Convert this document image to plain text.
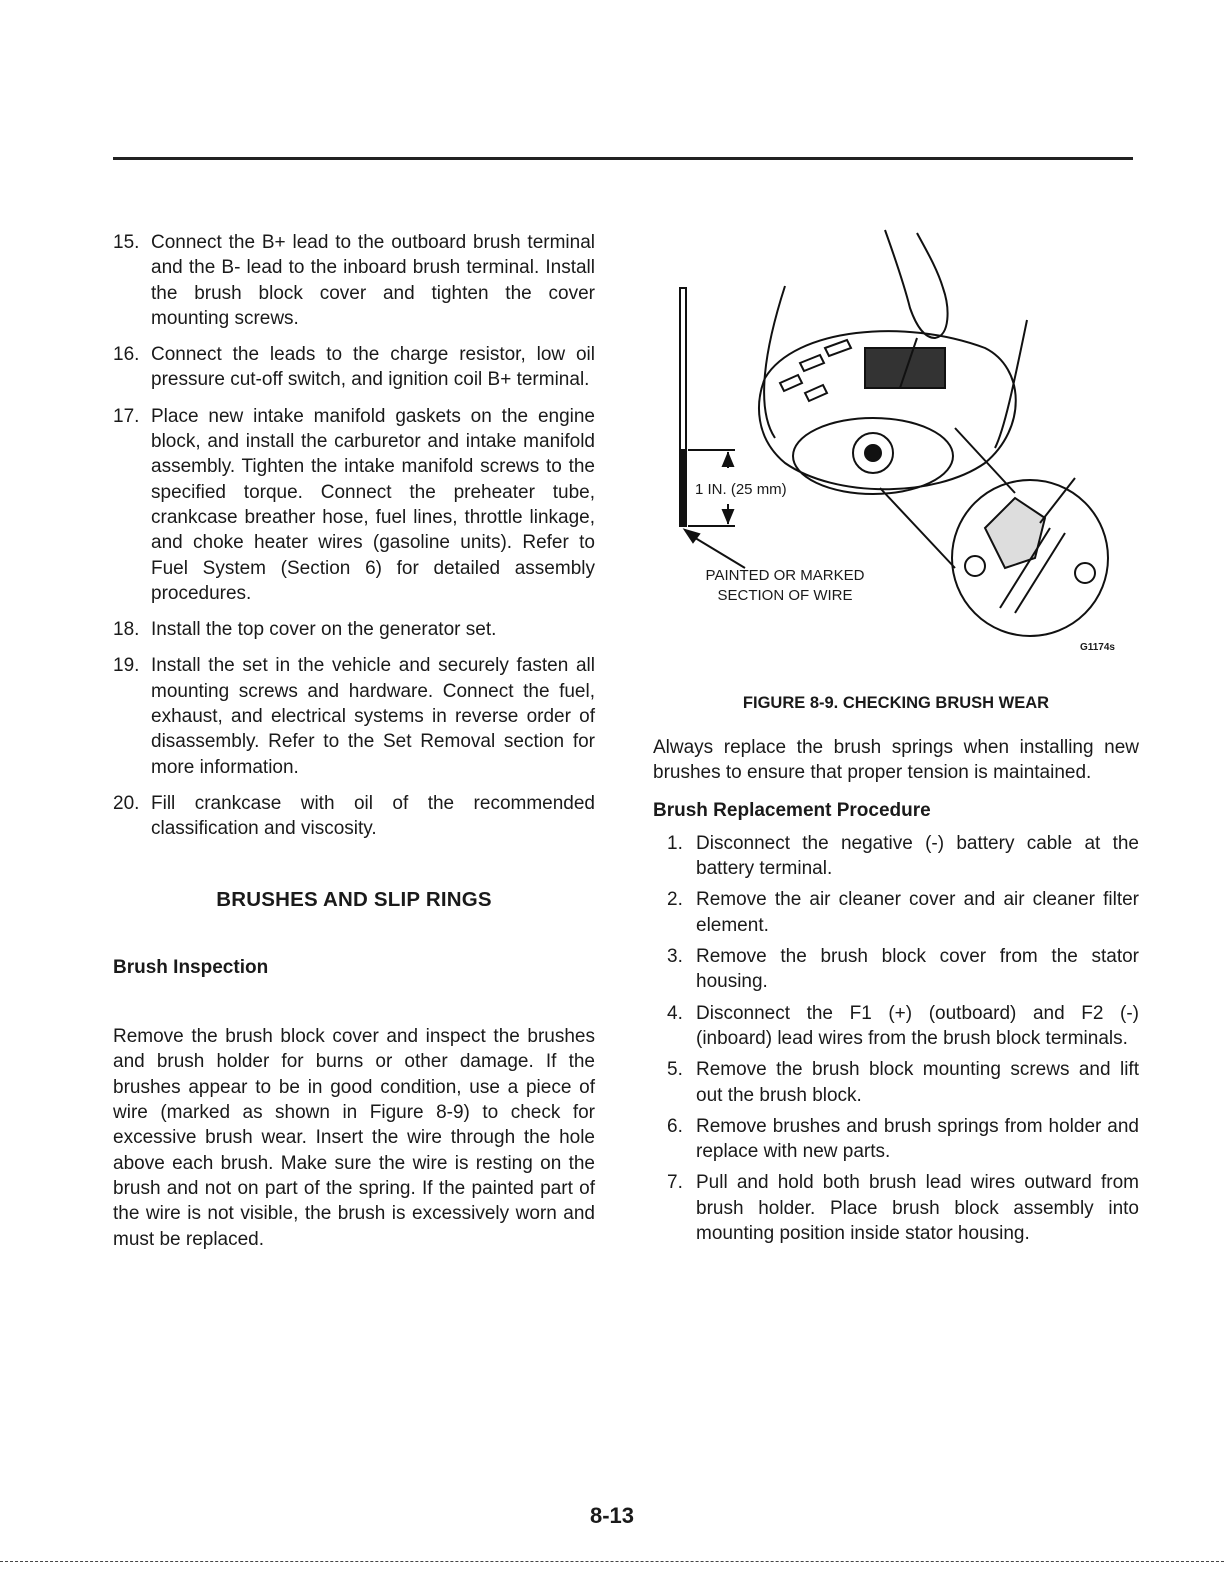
15. Connect the B+ lead to the outboard brush terminal and the B- lead to the inboard brush terminal. Install the brush block cover and tighten the cover mounting screws.
16. Connect the leads to the charge resistor, low oil pressure cut-off switch, and ignition coil B+ terminal.
17. Place new intake manifold gaskets on the engine block, and install the carburetor and intake manifold assembly. Tighten the intake manifold screws to the specified torque. Connect the preheater tube, crankcase breather hose, fuel lines, throttle linkage, and choke heater wires (gasoline units). Refer to Fuel System (Section 6) for detailed assembly procedures.
18. Install the top cover on the generator set.
19. Install the set in the vehicle and securely fasten all mounting screws and hardware. Connect the fuel, exhaust, and electrical systems in reverse order of disassembly. Refer to the Set Removal section for more information.
20. Fill crankcase with oil of the recommended classification and viscosity.
BRUSHES AND SLIP RINGS
Brush Inspection
Remove the brush block cover and inspect the brushes and brush holder for burns or other damage. If the brushes appear to be in good condition, use a piece of wire (marked as shown in Figure 8-9) to check for excessive brush wear. Insert the wire through the hole above each brush. Make sure the wire is resting on the brush and not on part of the spring. If the painted part of the wire is not visible, the brush is excessively worn and must be replaced.
1 IN. (25 mm)
PAINTED OR MARKED SECTION OF WIRE
G1174s
FIGURE 8-9. CHECKING BRUSH WEAR
Always replace the brush springs when installing new brushes to ensure that proper tension is maintained.
Brush Replacement Procedure
1. Disconnect the negative (-) battery cable at the battery terminal.
2. Remove the air cleaner cover and air cleaner filter element.
3. Remove the brush block cover from the stator housing.
4. Disconnect the F1 (+) (outboard) and F2 (-) (inboard) lead wires from the brush block terminals.
5. Remove the brush block mounting screws and lift out the brush block.
6. Remove brushes and brush springs from holder and replace with new parts.
7. Pull and hold both brush lead wires outward from brush holder. Place brush block assembly into mounting position inside stator housing.
8-13
